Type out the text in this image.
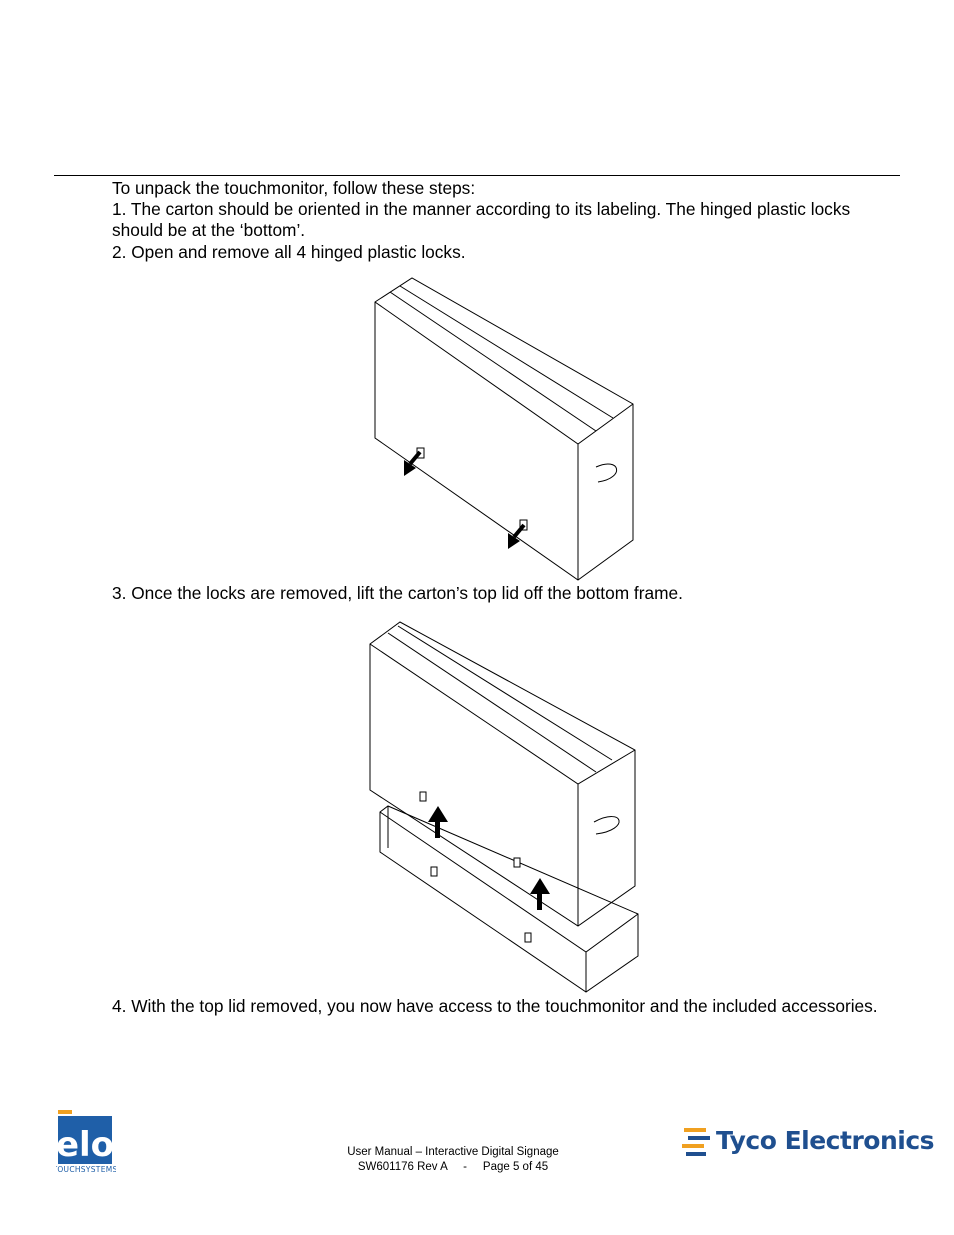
To unpack the touchmonitor, follow these steps:

1. The carton should be oriented in the manner according to its labeling. The hinged plastic locks should be at the ‘bottom’.

2. Open and remove all 4 hinged plastic locks.

3. Once the locks are removed, lift the carton’s top lid off the bottom frame.

4. With the top lid removed, you now have access to the touchmonitor and the included accessories.

elo
TOUCHSYSTEMS
User Manual – Interactive Digital Signage
SW601176 Rev A     -     Page 5 of 45
Tyco Electronics
